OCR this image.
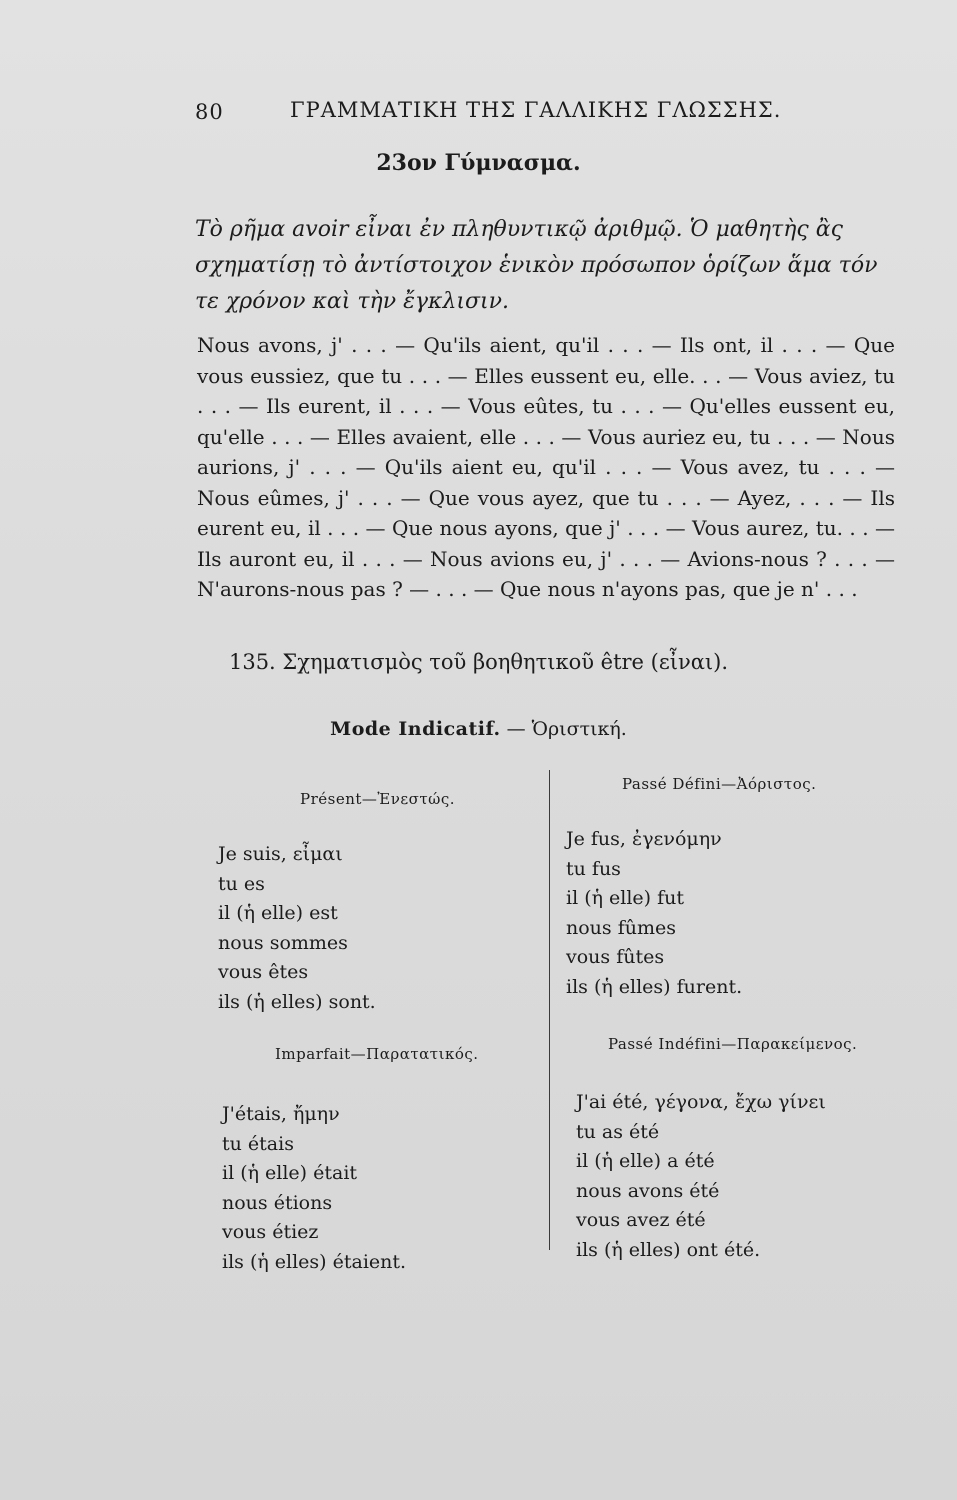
80	ΓΡΑΜΜΑΤΙΚΗ ΤΗΣ ΓΑΛΛΙΚΗΣ ΓΛΩΣΣΗΣ.
23ον Γύμνασμα.
Τὸ ρῆμα avoir εἶναι ἐν πληθυντικῷ ἀριθμῷ. Ὁ μαθητὴς ἂς σχηματίσῃ τὸ ἀντίστοιχον ἑνικὸν πρόσωπον ὁρίζων ἅμα τόν τε χρόνον καὶ τὴν ἔγκλισιν.
Nous avons, j' . . . — Qu'ils aient, qu'il . . . — Ils ont, il . . . — Que vous eussiez, que tu . . . — Elles eussent eu, elle. . . — Vous aviez, tu . . . — Ils eurent, il . . . — Vous eûtes, tu . . . — Qu'elles eussent eu, qu'elle . . . — Elles avaient, elle . . . — Vous auriez eu, tu . . . — Nous aurions, j' . . . — Qu'ils aient eu, qu'il . . . — Vous avez, tu . . . — Nous eûmes, j' . . . — Que vous ayez, que tu . . . — Ayez, . . . — Ils eurent eu, il . . . — Que nous ayons, que j' . . . — Vous aurez, tu. . . — Ils auront eu, il . . . — Nous avions eu, j' . . . — Avions-nous ? . . . — N'aurons-nous pas ? — . . . — Que nous n'ayons pas, que je n' . . .
135. Σχηματισμὸς τοῦ βοηθητικοῦ être (εἶναι).
Mode Indicatif. — Ὁριστική.
Présent—Ἐνεστώς.
Je suis, εἶμαι
tu es
il (ἡ elle) est
nous sommes
vous êtes
ils (ἡ elles) sont.
Imparfait—Παρατατικός.
J'étais, ἤμην
tu étais
il (ἡ elle) était
nous étions
vous étiez
ils (ἡ elles) étaient.
Passé Défini—Ἀόριστος.
Je fus, ἐγενόμην
tu fus
il (ἡ elle) fut
nous fûmes
vous fûtes
ils (ἡ elles) furent.
Passé Indéfini—Παρακείμενος.
J'ai été, γέγονα, ἔχω γίνει
tu as été
il (ἡ elle) a été
nous avons été
vous avez été
ils (ἡ elles) ont été.
